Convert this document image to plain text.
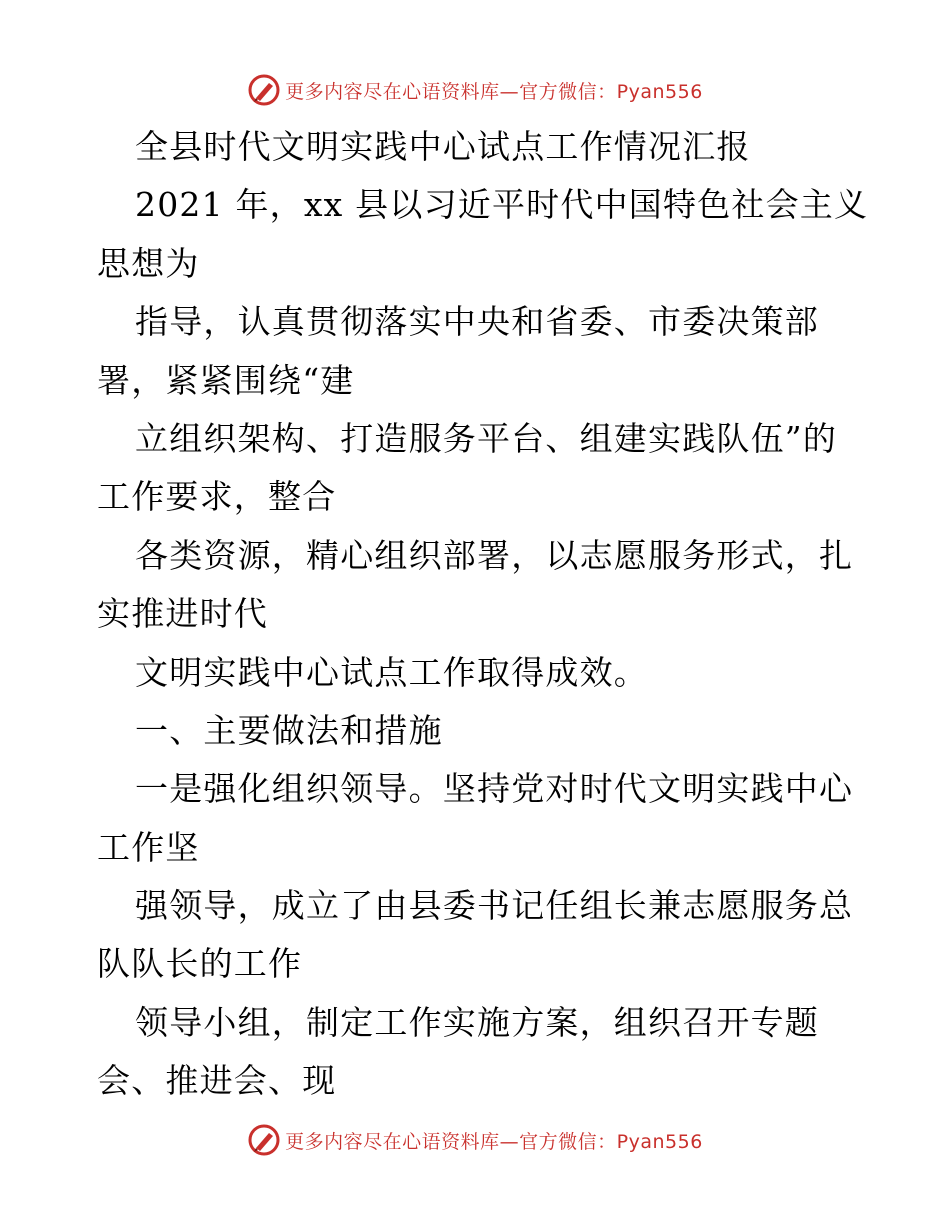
更多内容尽在心语资料库—官方微信：Pyan556
全县时代文明实践中心试点工作情况汇报
2021 年，xx 县以习近平时代中国特色社会主义
思想为
指导，认真贯彻落实中央和省委、市委决策部
署，紧紧围绕“建
立组织架构、打造服务平台、组建实践队伍”的
工作要求，整合
各类资源，精心组织部署，以志愿服务形式，扎
实推进时代
文明实践中心试点工作取得成效。
一、主要做法和措施
一是强化组织领导。坚持党对时代文明实践中心
工作坚
强领导，成立了由县委书记任组长兼志愿服务总
队队长的工作
领导小组，制定工作实施方案，组织召开专题
会、推进会、现
更多内容尽在心语资料库—官方微信：Pyan556
